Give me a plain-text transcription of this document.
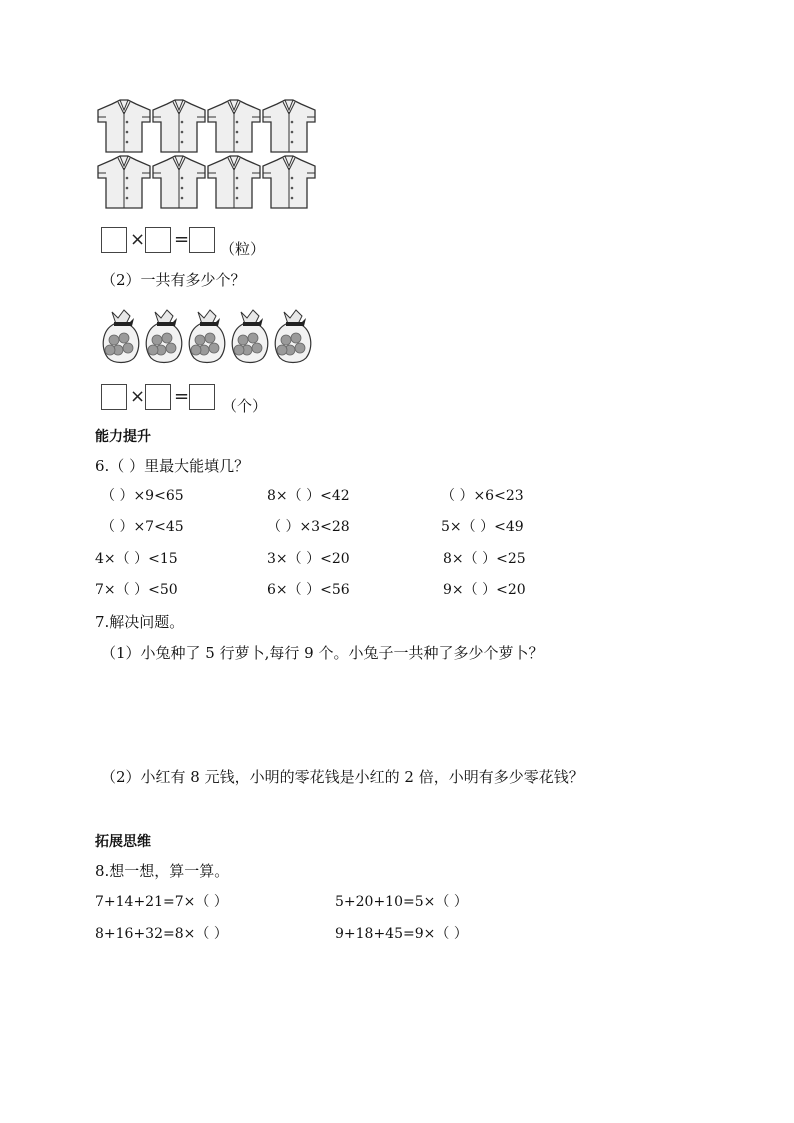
× = （粒）
（2）一共有多少个？
× = （个）
能力提升
6.（ ）里最大能填几？
（ ）×9<65	8×（ ）<42	（ ）×6<23
（ ）×7<45	（ ）×3<28	5×（ ）<49
4×（ ）<15	3×（ ）<20	8×（ ）<25
7×（ ）<50	6×（ ）<56	9×（ ）<20
7.解决问题。
（1）小兔种了 5 行萝卜,每行 9 个。小兔子一共种了多少个萝卜？
（2）小红有 8 元钱，小明的零花钱是小红的 2 倍，小明有多少零花钱？
拓展思维
8.想一想，算一算。
7+14+21=7×（ ）	5+20+10=5×（ ）
8+16+32=8×（ ）	9+18+45=9×（ ）
